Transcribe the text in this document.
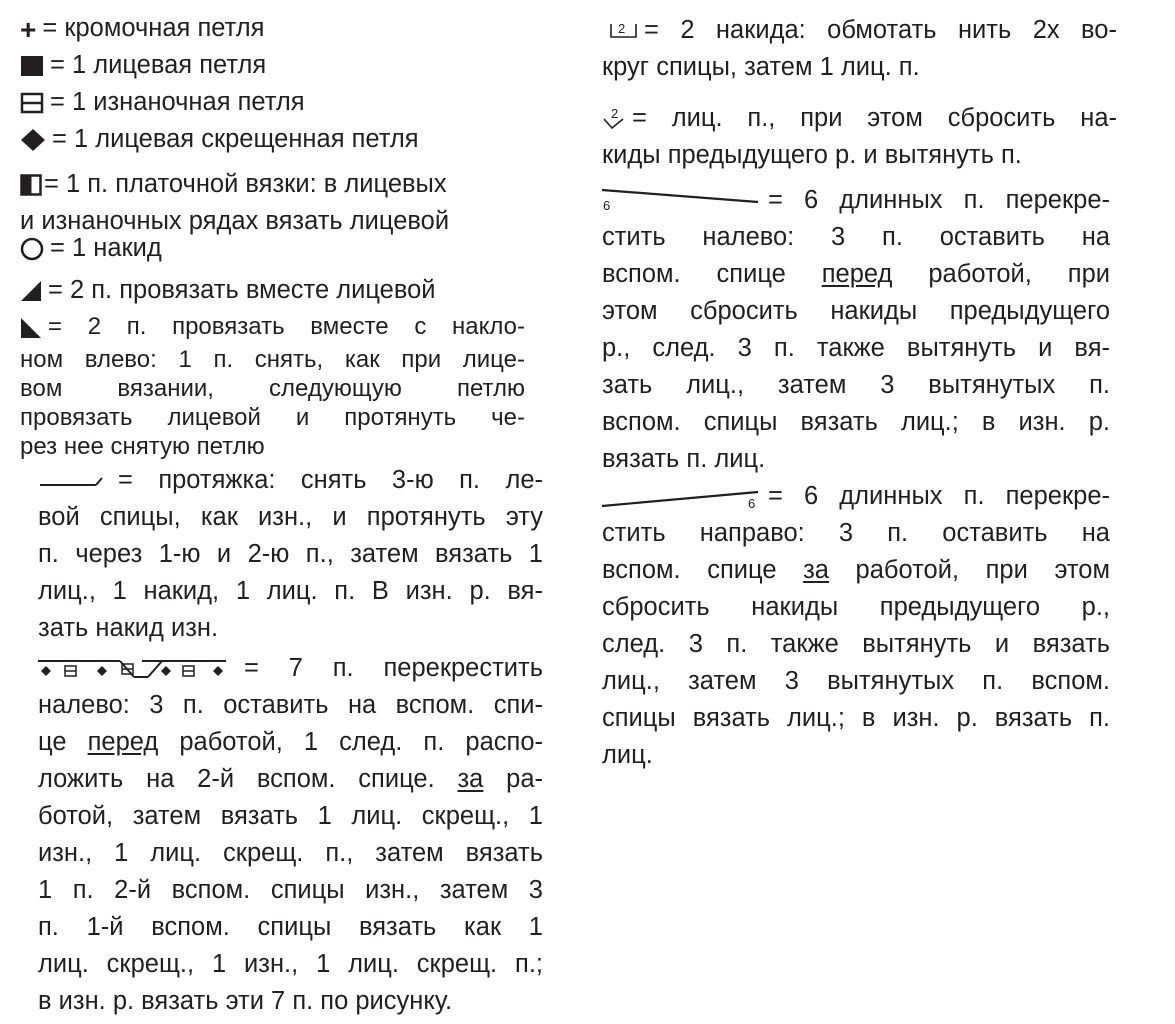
+ = кромочная петля
= 1 лицевая петля
= 1 изнаночная петля
= 1 лицевая скрещенная петля
= 1 п. платочной вязки: в лицевых
и изнаночных рядах вязать лицевой
= 1 накид
= 2 п. провязать вместе лицевой
= 2 п. провязать вместе с накло-
ном влево: 1 п. снять, как при лице-
вом вязании, следующую петлю
провязать лицевой и протянуть че-
рез нее снятую петлю
= протяжка: снять 3-ю п. ле-
вой спицы, как изн., и протянуть эту
п. через 1-ю и 2-ю п., затем вязать 1
лиц., 1 накид, 1 лиц. п. В изн. р. вя-
зать накид изн.
= 7 п. перекрестить
налево: 3 п. оставить на вспом. спи-
це перед работой, 1 след. п. распо-
ложить на 2-й вспом. спице. за ра-
ботой, затем вязать 1 лиц. скрещ., 1
изн., 1 лиц. скрещ. п., затем вязать
1 п. 2-й вспом. спицы изн., затем 3
п. 1-й вспом. спицы вязать как 1
лиц. скрещ., 1 изн., 1 лиц. скрещ. п.;
в изн. р. вязать эти 7 п. по рисунку.
2 = 2 накида: обмотать нить 2х во-
круг спицы, затем 1 лиц. п.
2 = лиц. п., при этом сбросить на-
киды предыдущего р. и вытянуть п.
6	= 6 длинных п. перекре-
стить налево: 3 п. оставить на
вспом. спице перед работой, при
этом сбросить накиды предыдущего
р., след. 3 п. также вытянуть и вя-
зать лиц., затем 3 вытянутых п.
вспом. спицы вязать лиц.; в изн. р.
вязать п. лиц.
6 = 6 длинных п. перекре-
стить направо: 3 п. оставить на
вспом. спице за работой, при этом
сбросить накиды предыдущего р.,
след. 3 п. также вытянуть и вязать
лиц., затем 3 вытянутых п. вспом.
спицы вязать лиц.; в изн. р. вязать п.
лиц.
